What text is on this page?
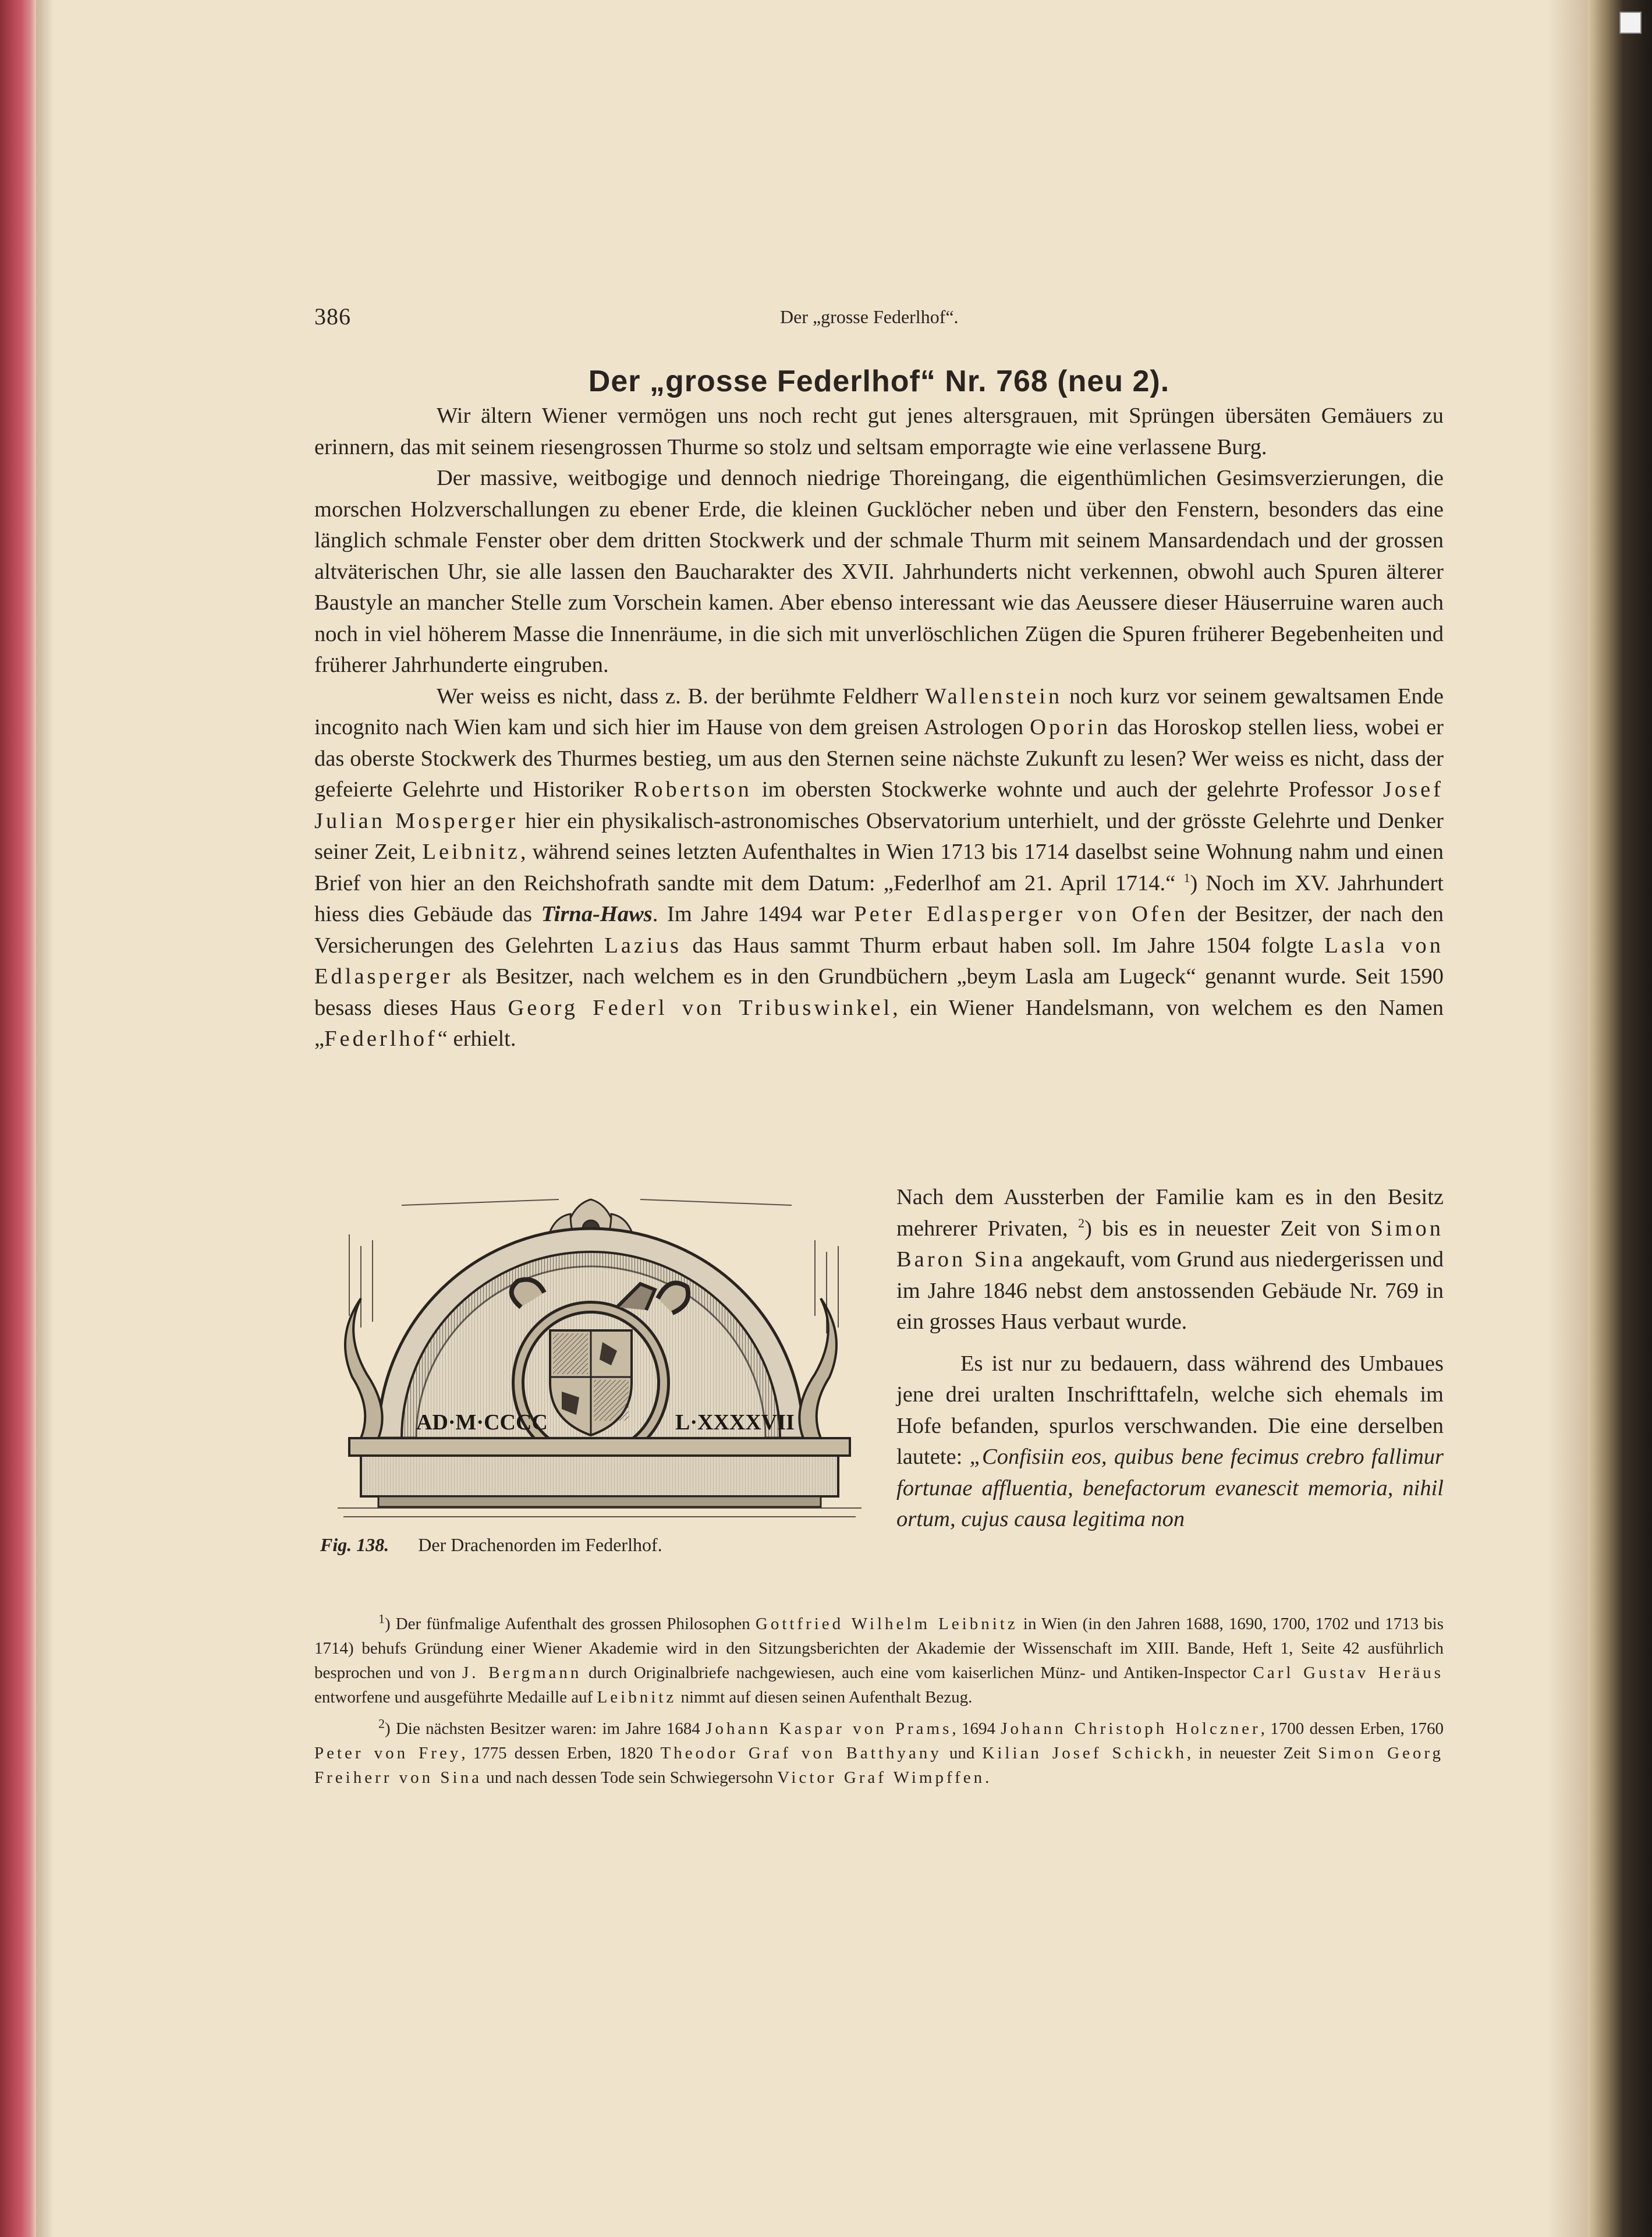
386	Der „grosse Federlhof“.
Der „grosse Federlhof“ Nr. 768 (neu 2).

Wir ältern Wiener vermögen uns noch recht gut jenes altersgrauen, mit Sprüngen übersäten Gemäuers zu erinnern, das mit seinem riesengrossen Thurme so stolz und seltsam emporragte wie eine verlassene Burg.

Der massive, weitbogige und dennoch niedrige Thoreingang, die eigenthümlichen Gesimsverzierungen, die morschen Holzverschallungen zu ebener Erde, die kleinen Gucklöcher neben und über den Fenstern, besonders das eine länglich schmale Fenster ober dem dritten Stockwerk und der schmale Thurm mit seinem Mansardendach und der grossen altväterischen Uhr, sie alle lassen den Baucharakter des XVII. Jahrhunderts nicht verkennen, obwohl auch Spuren älterer Baustyle an mancher Stelle zum Vorschein kamen. Aber ebenso interessant wie das Aeussere dieser Häuserruine waren auch noch in viel höherem Masse die Innenräume, in die sich mit unverlöschlichen Zügen die Spuren früherer Begebenheiten und früherer Jahrhunderte eingruben.

Wer weiss es nicht, dass z. B. der berühmte Feldherr Wallenstein noch kurz vor seinem gewaltsamen Ende incognito nach Wien kam und sich hier im Hause von dem greisen Astrologen Oporin das Horoskop stellen liess, wobei er das oberste Stockwerk des Thurmes bestieg, um aus den Sternen seine nächste Zukunft zu lesen? Wer weiss es nicht, dass der gefeierte Gelehrte und Historiker Robertson im obersten Stockwerke wohnte und auch der gelehrte Professor Josef Julian Mosperger hier ein physikalisch-astronomisches Observatorium unterhielt, und der grösste Gelehrte und Denker seiner Zeit, Leibnitz, während seines letzten Aufenthaltes in Wien 1713 bis 1714 daselbst seine Wohnung nahm und einen Brief von hier an den Reichshofrath sandte mit dem Datum: „Federlhof am 21. April 1714.“ $^1$) Noch im XV. Jahrhundert hiess dies Gebäude das Tirna-Haws. Im Jahre 1494 war Peter Edlasperger von Ofen der Besitzer, der nach den Versicherungen des Gelehrten Lazius das Haus sammt Thurm erbaut haben soll. Im Jahre 1504 folgte Lasla von Edlasperger als Besitzer, nach welchem es in den Grundbüchern „beym Lasla am Lugeck“ genannt wurde. Seit 1590 besass dieses Haus Georg Federl von Tribuswinkel, ein Wiener Handelsmann, von welchem es den Namen „Federlhof“ erhielt.

AD·M·CCCC	L·XXXXVII
Fig. 138. Der Drachenorden im Federlhof.

Nach dem Aussterben der Familie kam es in den Besitz mehrerer Privaten, $^2$) bis es in neuester Zeit von Simon Baron Sina angekauft, vom Grund aus niedergerissen und im Jahre 1846 nebst dem anstossenden Gebäude Nr. 769 in ein grosses Haus verbaut wurde.

Es ist nur zu bedauern, dass während des Umbaues jene drei uralten Inschrifttafeln, welche sich ehemals im Hofe befanden, spurlos verschwanden. Die eine derselben lautete: „Confisiin eos, quibus bene fecimus crebro fallimur fortunae affluentia, benefactorum evanescit memoria, nihil ortum, cujus causa legitima non

$^1$) Der fünfmalige Aufenthalt des grossen Philosophen Gottfried Wilhelm Leibnitz in Wien (in den Jahren 1688, 1690, 1700, 1702 und 1713 bis 1714) behufs Gründung einer Wiener Akademie wird in den Sitzungsberichten der Akademie der Wissenschaft im XIII. Bande, Heft 1, Seite 42 ausführlich besprochen und von J. Bergmann durch Originalbriefe nachgewiesen, auch eine vom kaiserlichen Münz- und Antiken-Inspector Carl Gustav Heräus entworfene und ausgeführte Medaille auf Leibnitz nimmt auf diesen seinen Aufenthalt Bezug.

$^2$) Die nächsten Besitzer waren: im Jahre 1684 Johann Kaspar von Prams, 1694 Johann Christoph Holczner, 1700 dessen Erben, 1760 Peter von Frey, 1775 dessen Erben, 1820 Theodor Graf von Batthyany und Kilian Josef Schickh, in neuester Zeit Simon Georg Freiherr von Sina und nach dessen Tode sein Schwiegersohn Victor Graf Wimpffen.
